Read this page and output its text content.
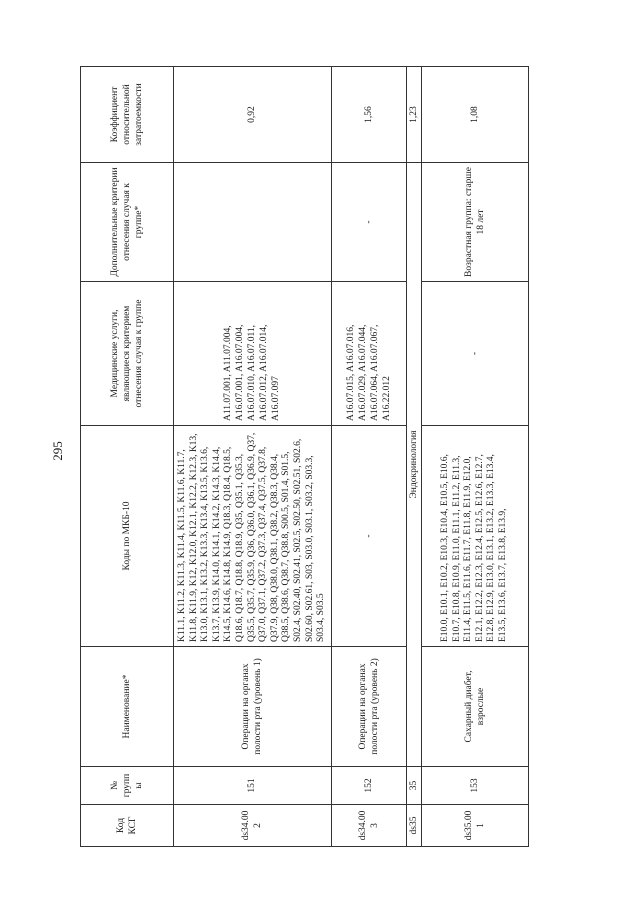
295
Код КСГ	№ группы	Наименование*	Коды по МКБ-10	Медицинские услуги, являющиеся критерием отнесения случая к группе	Дополнительные критерии отнесения случая к группе*	Коэффициент относительной затратоемкости
ds34.002	151	Операции на органах полости рта (уровень 1)	K11.1, K11.2, K11.3, K11.4, K11.5, K11.6, K11.7, K11.8, K11.9, K12, K12.0, K12.1, K12.2, K12.3, K13, K13.0, K13.1, K13.2, K13.3, K13.4, K13.5, K13.6, K13.7, K13.9, K14.0, K14.1, K14.2, K14.3, K14.4, K14.5, K14.6, K14.8, K14.9, Q18.3, Q18.4, Q18.5, Q18.6, Q18.7, Q18.8, Q18.9, Q35, Q35.1, Q35.3, Q35.5, Q35.7, Q35.9, Q36, Q36.0, Q36.1, Q36.9, Q37, Q37.0, Q37.1, Q37.2, Q37.3, Q37.4, Q37.5, Q37.8, Q37.9, Q38, Q38.0, Q38.1, Q38.2, Q38.3, Q38.4, Q38.5, Q38.6, Q38.7, Q38.8, S00.5, S01.4, S01.5, S02.4, S02.40, S02.41, S02.5, S02.50, S02.51, S02.6, S02.60, S02.61, S03, S03.0, S03.1, S03.2, S03.3, S03.4, S03.5	A11.07.001, A11.07.004, A16.07.001, A16.07.004, A16.07.010, A16.07.011, A16.07.012, A16.07.014, A16.07.097		0,92
ds34.003	152	Операции на органах полости рта (уровень 2)	-	A16.07.015, A16.07.016, A16.07.029, A16.07.044, A16.07.064, A16.07.067, A16.22.012	-	1,56
ds35	35	Эндокринология				1,23
ds35.001	153	Сахарный диабет, взрослые	E10.0, E10.1, E10.2, E10.3, E10.4, E10.5, E10.6, E10.7, E10.8, E10.9, E11.0, E11.1, E11.2, E11.3, E11.4, E11.5, E11.6, E11.7, E11.8, E11.9, E12.0, E12.1, E12.2, E12.3, E12.4, E12.5, E12.6, E12.7, E12.8, E12.9, E13.0, E13.1, E13.2, E13.3, E13.4, E13.5, E13.6, E13.7, E13.8, E13.9,	-	Возрастная группа: старше 18 лет	1,08
